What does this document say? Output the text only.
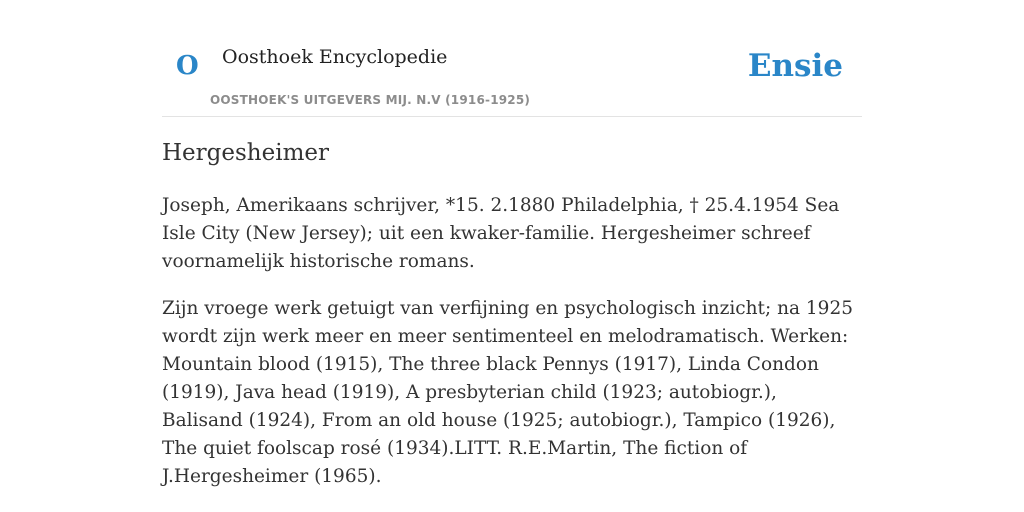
O Oosthoek Encyclopedie
OOSTHOEK'S UITGEVERS MIJ. N.V (1916-1925)
Ensie
Hergesheimer

Joseph, Amerikaans schrijver, *15. 2.1880 Philadelphia, † 25.4.1954 Sea Isle City (New Jersey); uit een kwaker-familie. Hergesheimer schreef voornamelijk historische romans.

Zijn vroege werk getuigt van verfijning en psychologisch inzicht; na 1925 wordt zijn werk meer en meer sentimenteel en melodramatisch. Werken: Mountain blood (1915), The three black Pennys (1917), Linda Condon (1919), Java head (1919), A presbyterian child (1923; autobiogr.), Balisand (1924), From an old house (1925; autobiogr.), Tampico (1926), The quiet foolscap rosé (1934).LITT. R.E.Martin, The fiction of J.Hergesheimer (1965).
